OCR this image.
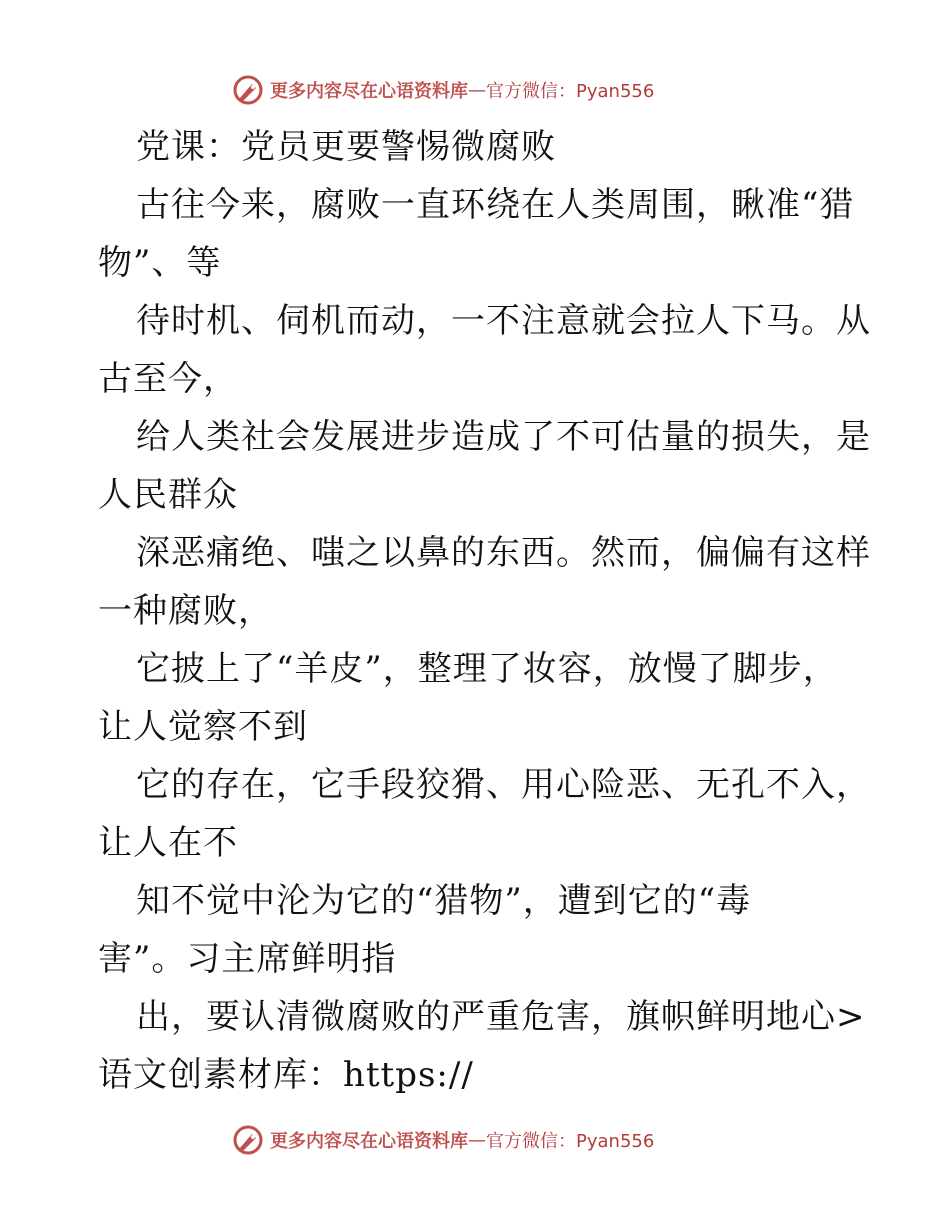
更多内容尽在心语资料库 — 官方微信：Pyan556
党课：党员更要警惕微腐败
古往今来，腐败一直环绕在人类周围，瞅准“猎
物”、等
待时机、伺机而动，一不注意就会拉人下马。从
古至今，
给人类社会发展进步造成了不可估量的损失，是
人民群众
深恶痛绝、嗤之以鼻的东西。然而，偏偏有这样
一种腐败，
它披上了“羊皮”，整理了妆容，放慢了脚步，
让人觉察不到
它的存在，它手段狡猾、用心险恶、无孔不入，
让人在不
知不觉中沦为它的“猎物”，遭到它的“毒
害”。习主席鲜明指
出，要认清微腐败的严重危害，旗帜鲜明地心>
语文创素材库：https://
更多内容尽在心语资料库 — 官方微信：Pyan556
